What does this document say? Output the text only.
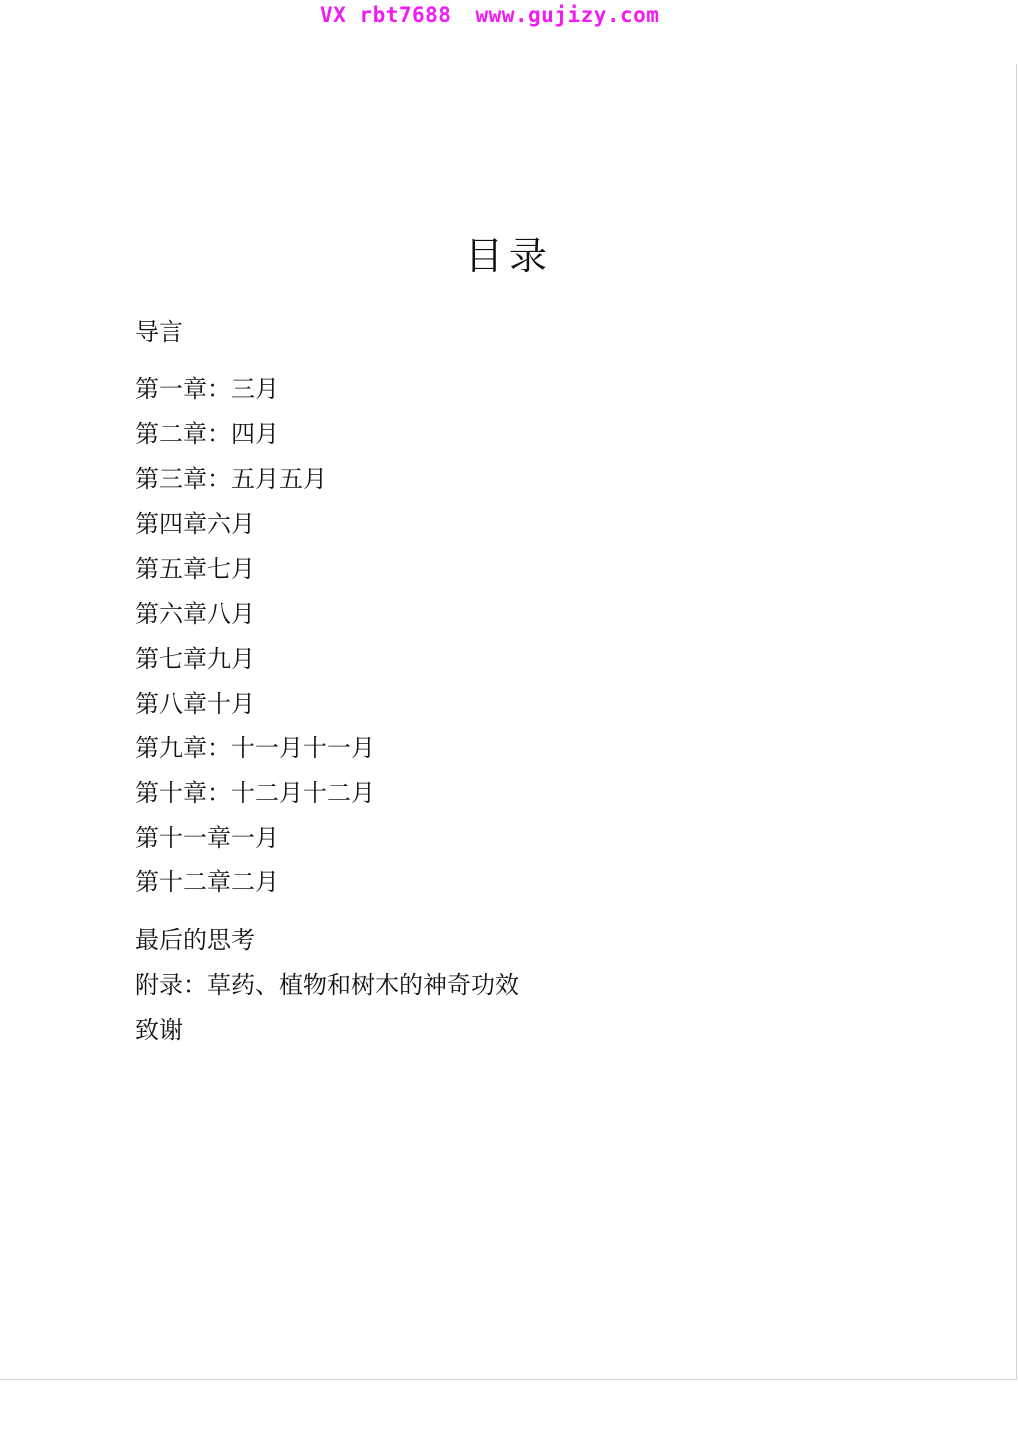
VX rbt7688 www.gujizy.com
目录
导言
第一章：三月
第二章：四月
第三章：五月五月
第四章六月
第五章七月
第六章八月
第七章九月
第八章十月
第九章：十一月十一月
第十章：十二月十二月
第十一章一月
第十二章二月
最后的思考
附录：草药、植物和树木的神奇功效
致谢
